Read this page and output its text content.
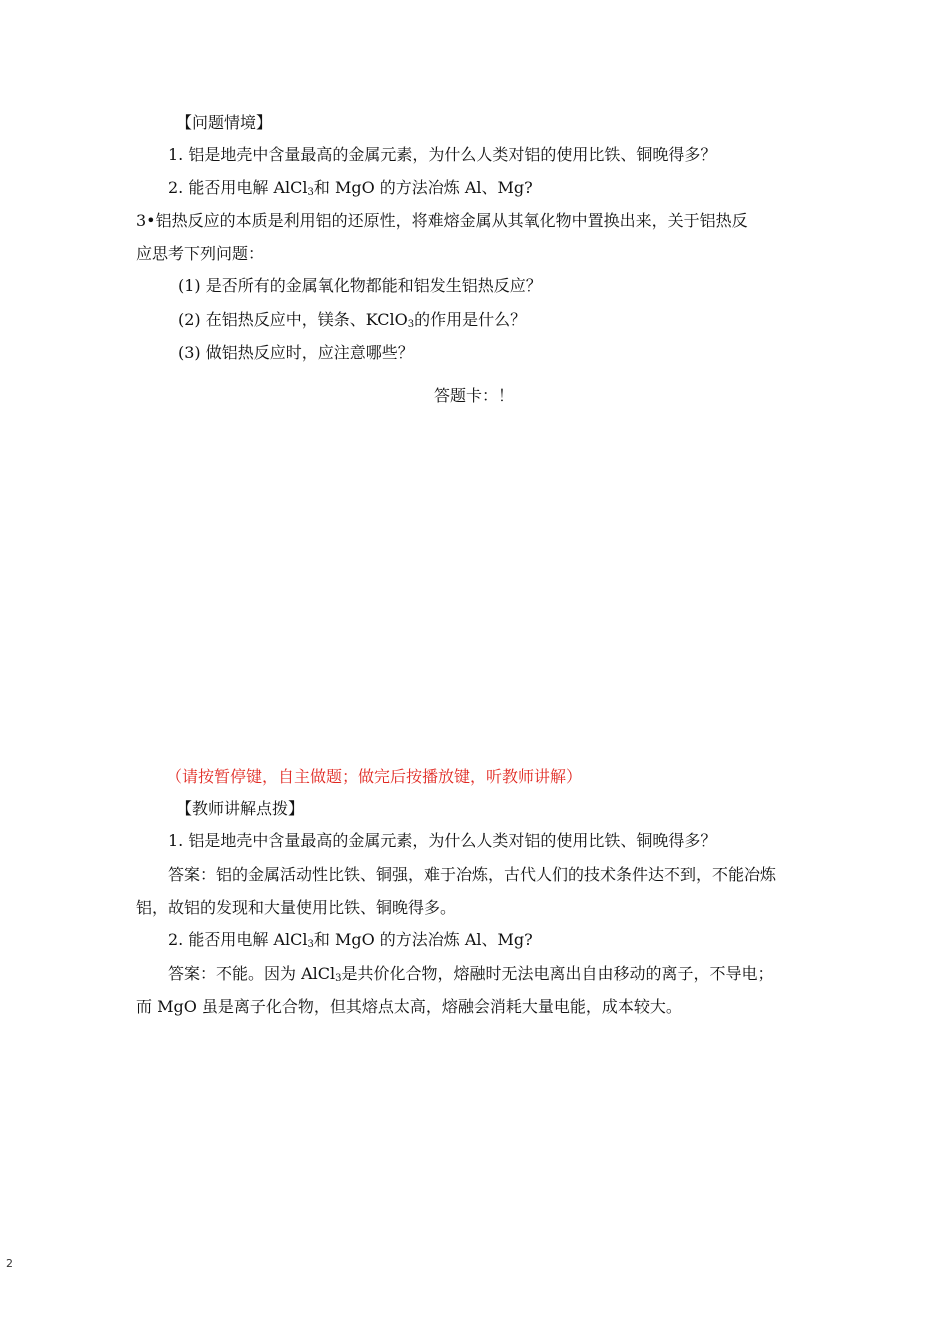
【问题情境】
1. 铝是地壳中含量最高的金属元素，为什么人类对铝的使用比铁、铜晚得多？
2. 能否用电解 AlCl$_3$和 MgO 的方法冶炼 Al、Mg?
3•铝热反应的本质是利用铝的还原性，将难熔金属从其氧化物中置换出来，关于铝热反
应思考下列问题：
(1) 是否所有的金属氧化物都能和铝发生铝热反应？
(2) 在铝热反应中，镁条、KClO$_3$的作用是什么？
(3) 做铝热反应时，应注意哪些？
答题卡：！
（请按暂停键，自主做题；做完后按播放键，听教师讲解）
【教师讲解点拨】
1. 铝是地壳中含量最高的金属元素，为什么人类对铝的使用比铁、铜晚得多？
答案：铝的金属活动性比铁、铜强，难于冶炼，古代人们的技术条件达不到，不能冶炼
铝，故铝的发现和大量使用比铁、铜晚得多。
2. 能否用电解 AlCl$_3$和 MgO 的方法冶炼 Al、Mg?
答案：不能。因为 AlCl$_3$是共价化合物，熔融时无法电离出自由移动的离子，不导电；
而 MgO 虽是离子化合物，但其熔点太高，熔融会消耗大量电能，成本较大。
2
